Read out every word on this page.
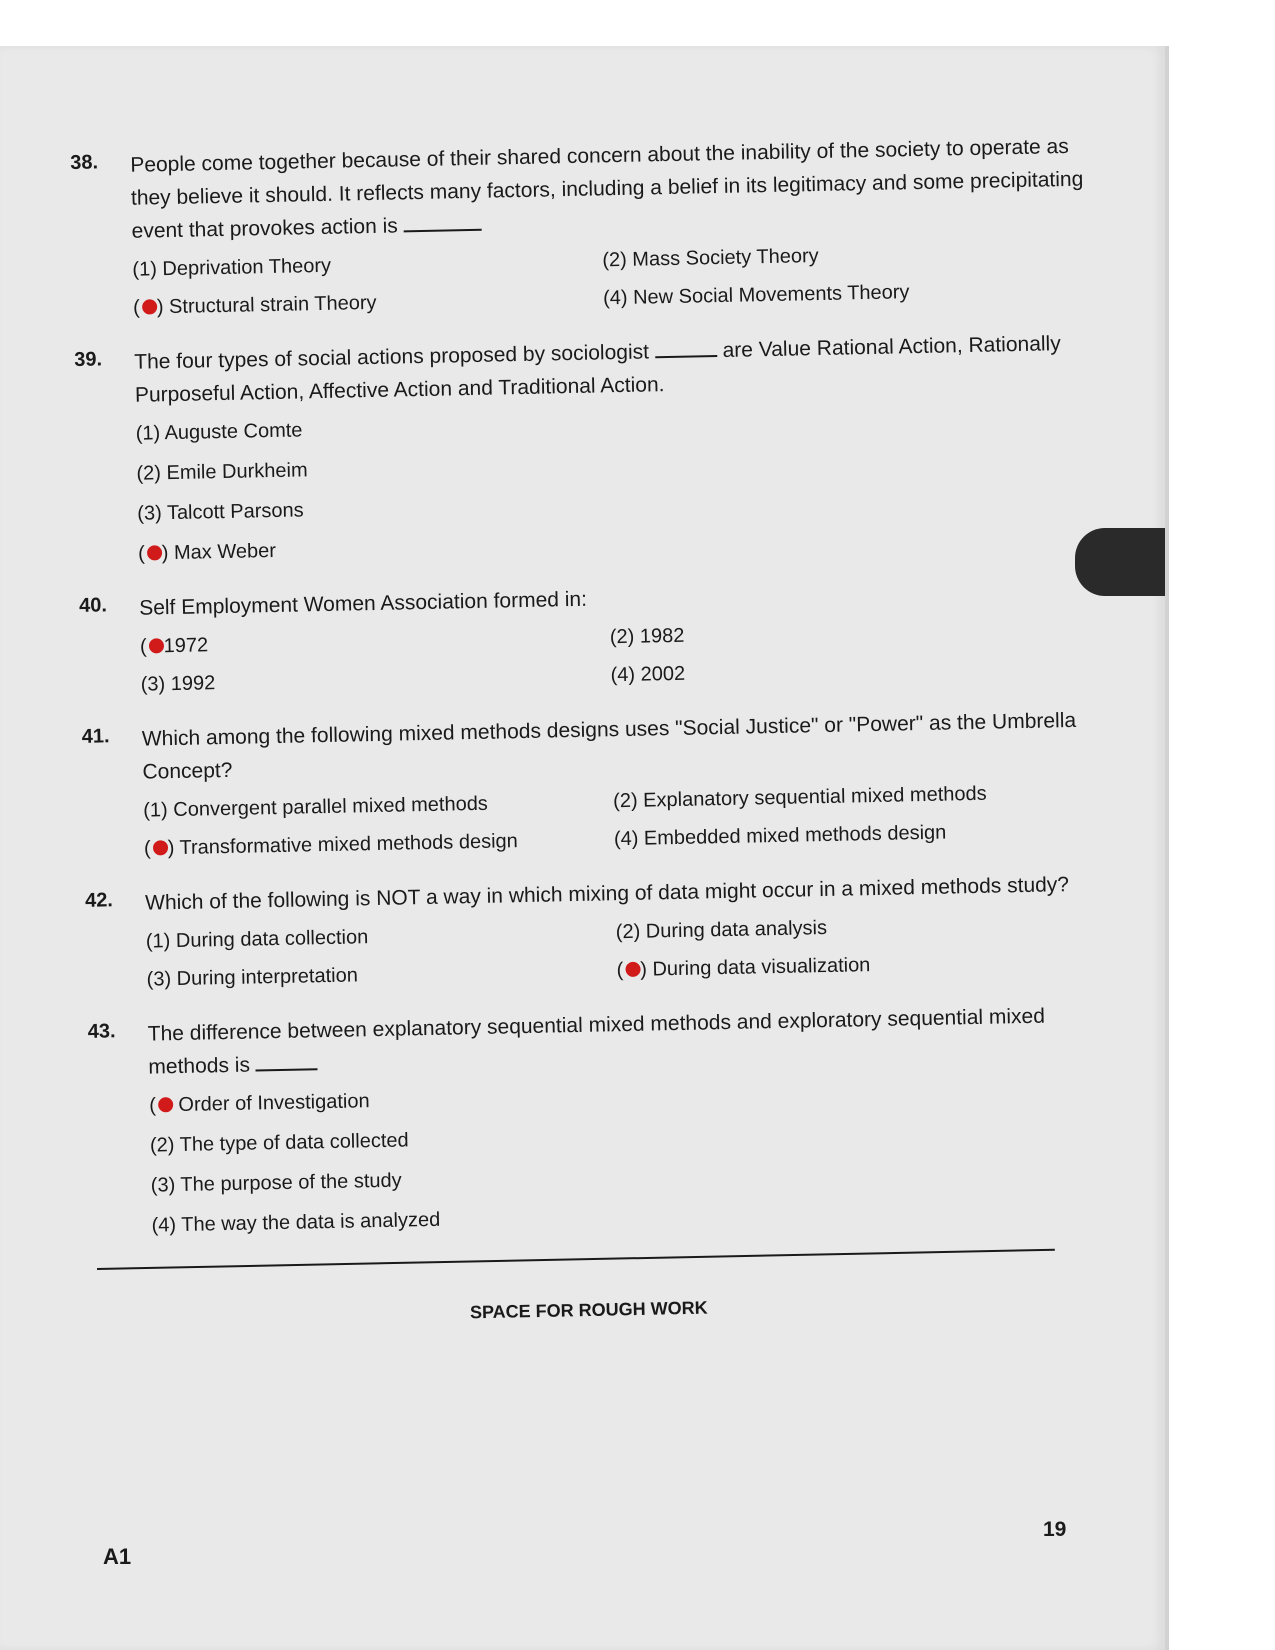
38. People come together because of their shared concern about the inability of the society to operate as they believe it should. It reflects many factors, including a belief in its legitimacy and some precipitating event that provokes action is

(1) Deprivation Theory	(2) Mass Society Theory
( ) Structural strain Theory	(4) New Social Movements Theory
39. The four types of social actions proposed by sociologist	are Value Rational Action, Rationally Purposeful Action, Affective Action and Traditional Action.

(1) Auguste Comte
(2) Emile Durkheim
(3) Talcott Parsons
( ) Max Weber
40. Self Employment Women Association formed in:

( 1972	(2) 1982
(3) 1992	(4) 2002
41. Which among the following mixed methods designs uses "Social Justice" or "Power" as the Umbrella Concept?

(1) Convergent parallel mixed methods	(2) Explanatory sequential mixed methods
( ) Transformative mixed methods design	(4) Embedded mixed methods design
42. Which of the following is NOT a way in which mixing of data might occur in a mixed methods study?

(1) During data collection	(2) During data analysis
(3) During interpretation	( ) During data visualization
43. The difference between explanatory sequential mixed methods and exploratory sequential mixed methods is

( Order of Investigation
(2) The type of data collected
(3) The purpose of the study
(4) The way the data is analyzed
SPACE FOR ROUGH WORK
19
A1
